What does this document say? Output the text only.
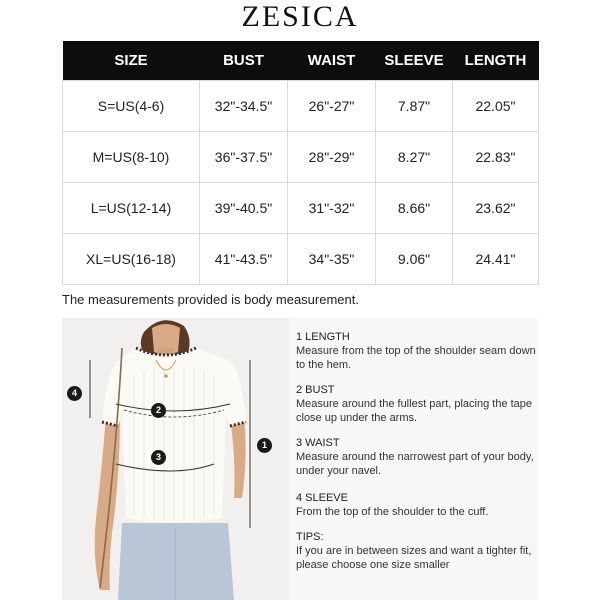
ZESICA
SIZE	BUST	WAIST	SLEEVE	LENGTH
S=US(4-6)	32"-34.5"	26"-27"	7.87"	22.05"
M=US(8-10)	36"-37.5"	28"-29"	8.27"	22.83"
L=US(12-14)	39"-40.5"	31"-32"	8.66"	23.62"
XL=US(16-18)	41"-43.5"	34"-35"	9.06"	24.41"
The measurements provided is body measurement.
1
2
3
4
1 LENGTH
Measure from the top of the shoulder seam down to the hem.
2 BUST
Measure around the fullest part, placing the tape close up under the arms.
3 WAIST
Measure around the narrowest part of your body, under your navel.
4 SLEEVE
From the top of the shoulder to the cuff.
TIPS:
If you are in between sizes and want a tighter fit, please choose one size smaller
